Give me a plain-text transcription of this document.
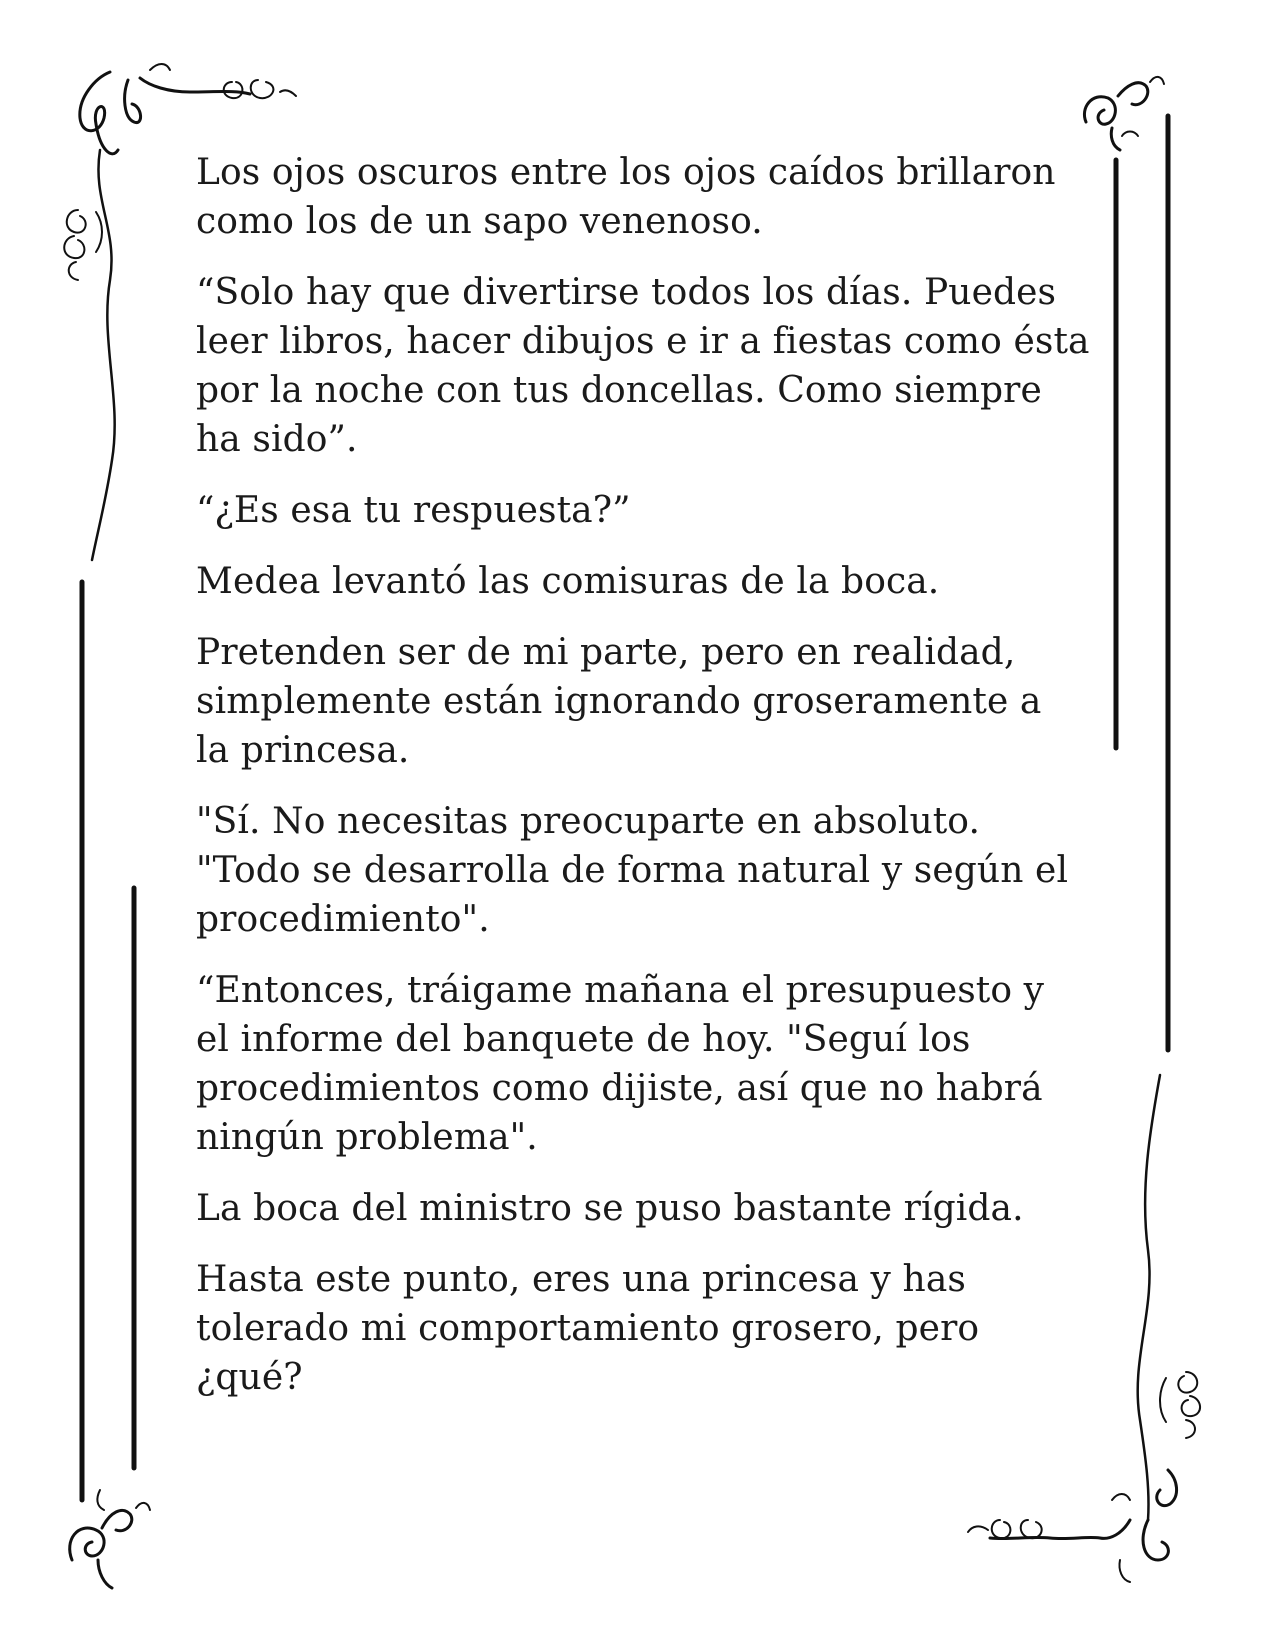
Los ojos oscuros entre los ojos caídos brillaron
como los de un sapo venenoso.

“Solo hay que divertirse todos los días. Puedes
leer libros, hacer dibujos e ir a fiestas como ésta
por la noche con tus doncellas. Como siempre
ha sido”.

“¿Es esa tu respuesta?”

Medea levantó las comisuras de la boca.

Pretenden ser de mi parte, pero en realidad,
simplemente están ignorando groseramente a
la princesa.

"Sí. No necesitas preocuparte en absoluto.
"Todo se desarrolla de forma natural y según el
procedimiento".

“Entonces, tráigame mañana el presupuesto y
el informe del banquete de hoy. "Seguí los
procedimientos como dijiste, así que no habrá
ningún problema".

La boca del ministro se puso bastante rígida.

Hasta este punto, eres una princesa y has
tolerado mi comportamiento grosero, pero
¿qué?
